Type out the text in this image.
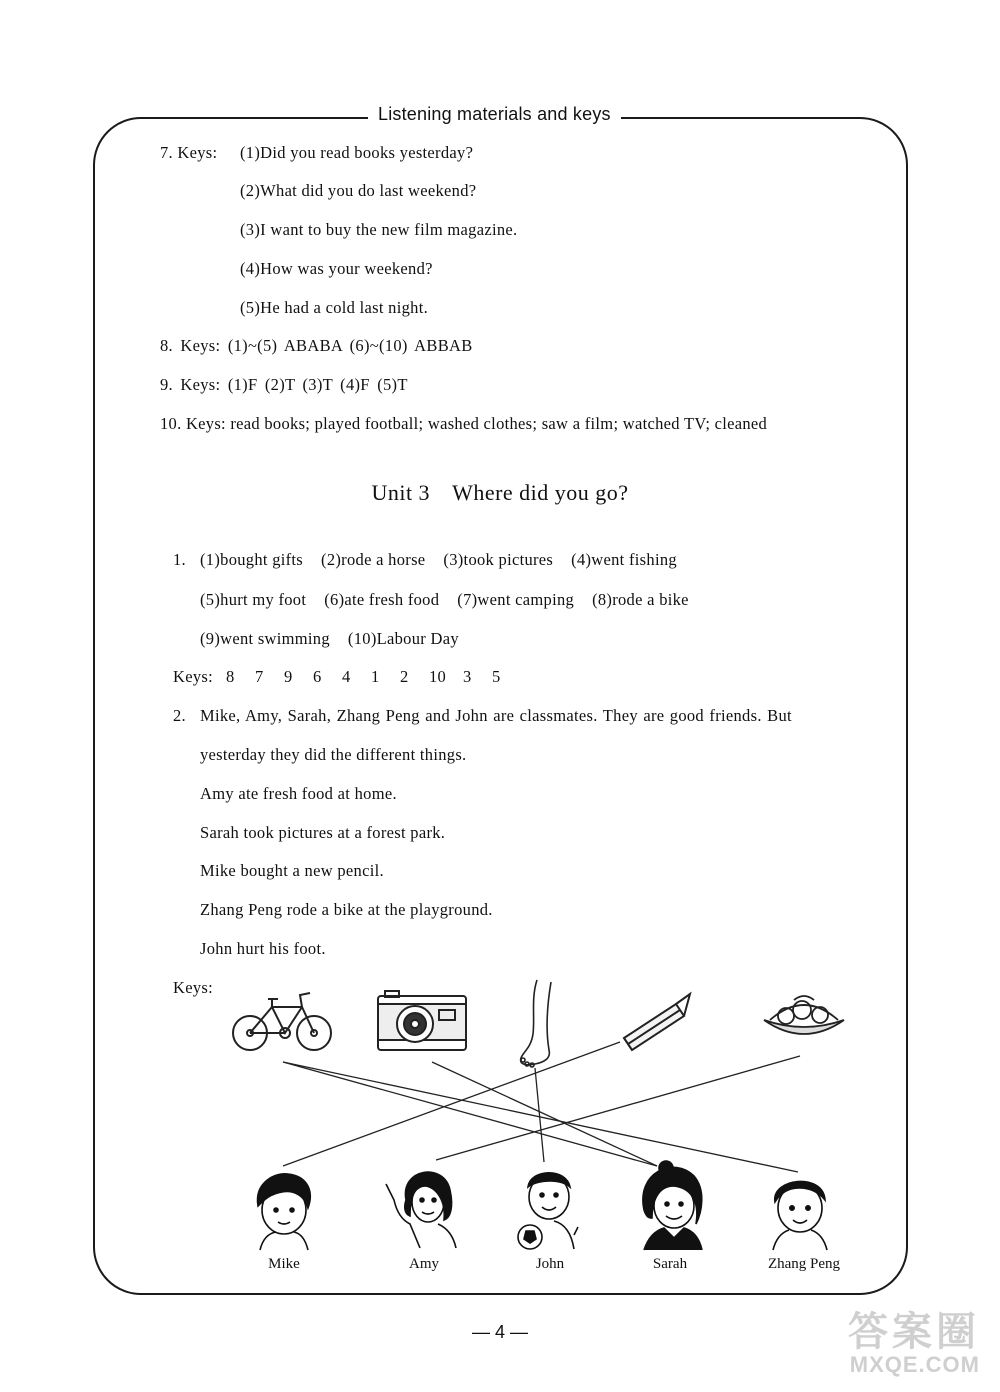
Listening materials and keys
7. Keys: (1)Did you read books yesterday?
(2)What did you do last weekend?
(3)I want to buy the new film magazine.
(4)How was your weekend?
(5)He had a cold last night.
8. Keys: (1)~(5) ABABA (6)~(10) ABBAB
9. Keys: (1)F (2)T (3)T (4)F (5)T
10. Keys: read books; played football; washed clothes; saw a film; watched TV; cleaned
Unit 3 Where did you go?
1. (1)bought gifts (2)rode a horse (3)took pictures (4)went fishing
(5)hurt my foot (6)ate fresh food (7)went camping (8)rode a bike
(9)went swimming (10)Labour Day
Keys: 8 7 9 6 4 1 2 10 3 5
2. Mike, Amy, Sarah, Zhang Peng and John are classmates. They are good friends. But
yesterday they did the different things.
Amy ate fresh food at home.
Sarah took pictures at a forest park.
Mike bought a new pencil.
Zhang Peng rode a bike at the playground.
John hurt his foot.
Keys:
Mike	Amy	John	Sarah	Zhang Peng
— 4 —	答案圈
MXQE.COM
